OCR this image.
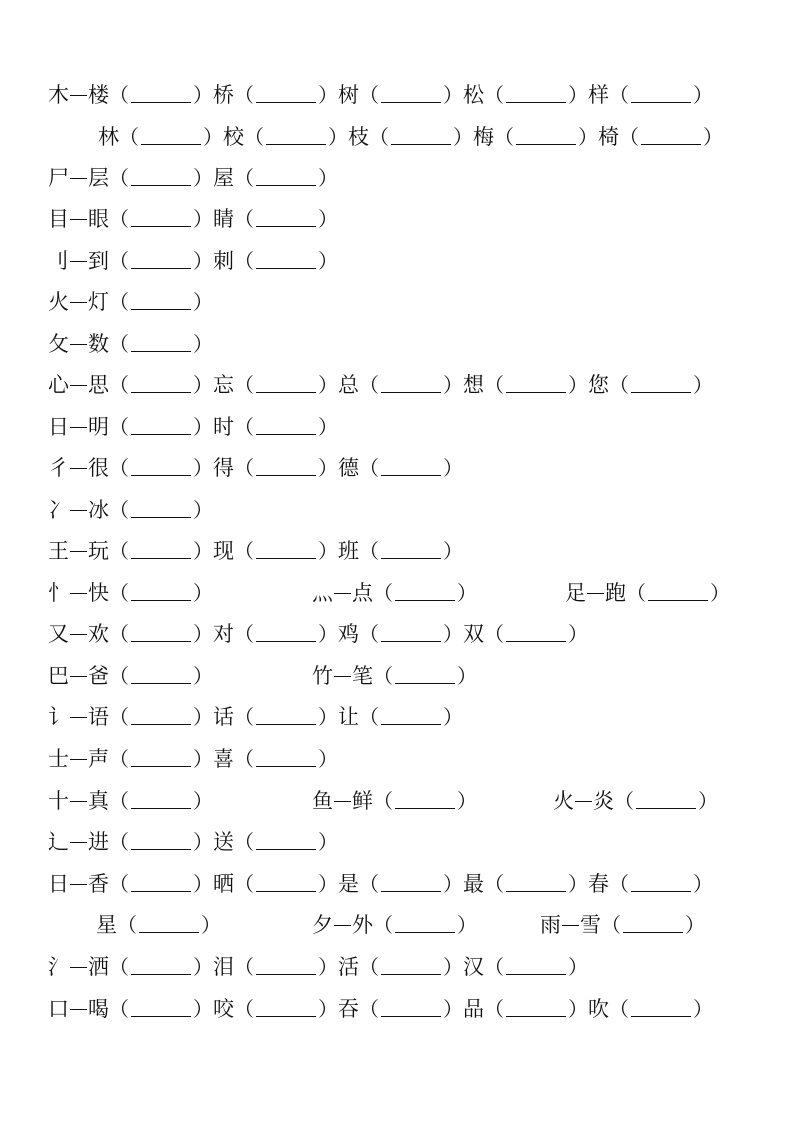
木 楼（	）桥（	）树（	）松（	）样（	）
林（	）校（	）枝（	）梅（	）椅（	）
尸 层（	）屋（	）
目 眼（	）睛（	）
刂 到（	）刺（	）
火 灯（	）
攵 数（	）
心 思（	）忘（	）总（	）想（	）您（	）
日 明（	）时（	）
彳 很（	）得（	）德（	）
冫 冰（	）
王 玩（	）现（	）班（	）
忄 快（	）	灬 点（	）	足 跑（	）
又 欢（	）对（	）鸡（	）双（	）
巴 爸（	）	竹 笔（	）
讠 语（	）话（	）让（	）
士 声（	）喜（	）
十 真（	）	鱼 鲜（	）	火 炎（	）
辶 进（	）送（	）
日 香（	）晒（	）是（	）最（	）春（	）
星（	）	夕 外（	）	雨 雪（	）
氵 洒（	）泪（	）活（	）汉（	）
口 喝（	）咬（	）吞（	）品（	）吹（	）
